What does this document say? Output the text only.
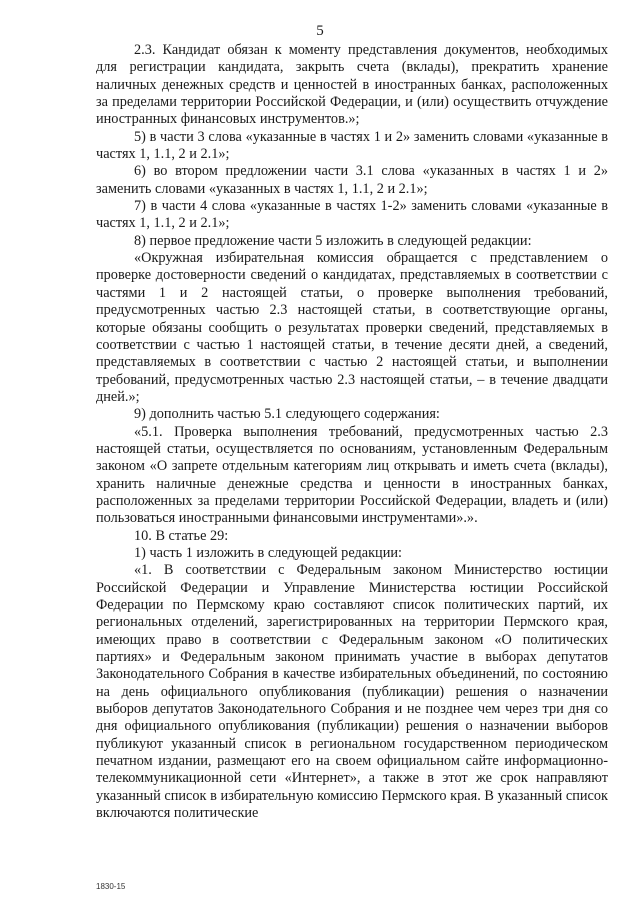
5

2.3. Кандидат обязан к моменту представления документов, необходимых для регистрации кандидата, закрыть счета (вклады), прекратить хранение наличных денежных средств и ценностей в иностранных банках, расположенных за пределами территории Российской Федерации, и (или) осуществить отчуждение иностранных финансовых инструментов.»;

5) в части 3 слова «указанные в частях 1 и 2» заменить словами «указанные в частях 1, 1.1, 2 и 2.1»;

6) во втором предложении части 3.1 слова «указанных в частях 1 и 2» заменить словами «указанных в частях 1, 1.1, 2 и 2.1»;

7) в части 4 слова «указанные в частях 1-2» заменить словами «указанные в частях 1, 1.1, 2 и 2.1»;

8) первое предложение части 5 изложить в следующей редакции:

«Окружная избирательная комиссия обращается с представлением о проверке достоверности сведений о кандидатах, представляемых в соответствии с частями 1 и 2 настоящей статьи, о проверке выполнения требований, предусмотренных частью 2.3 настоящей статьи, в соответствующие органы, которые обязаны сообщить о результатах проверки сведений, представляемых в соответствии с частью 1 настоящей статьи, в течение десяти дней, а сведений, представляемых в соответствии с частью 2 настоящей статьи, и выполнении требований, предусмотренных частью 2.3 настоящей статьи, – в течение двадцати дней.»;

9) дополнить частью 5.1 следующего содержания:

«5.1. Проверка выполнения требований, предусмотренных частью 2.3 настоящей статьи, осуществляется по основаниям, установленным Федеральным законом «О запрете отдельным категориям лиц открывать и иметь счета (вклады), хранить наличные денежные средства и ценности в иностранных банках, расположенных за пределами территории Российской Федерации, владеть и (или) пользоваться иностранными финансовыми инструментами».».

10. В статье 29:

1) часть 1 изложить в следующей редакции:

«1. В соответствии с Федеральным законом Министерство юстиции Российской Федерации и Управление Министерства юстиции Российской Федерации по Пермскому краю составляют список политических партий, их региональных отделений, зарегистрированных на территории Пермского края, имеющих право в соответствии с Федеральным законом «О политических партиях» и Федеральным законом принимать участие в выборах депутатов Законодательного Собрания в качестве избирательных объединений, по состоянию на день официального опубликования (публикации) решения о назначении выборов депутатов Законодательного Собрания и не позднее чем через три дня со дня официального опубликования (публикации) решения о назначении выборов публикуют указанный список в региональном государственном периодическом печатном издании, размещают его на своем официальном сайте информационно-телекоммуникационной сети «Интернет», а также в этот же срок направляют указанный список в избирательную комиссию Пермского края. В указанный список включаются политические

1830-15
